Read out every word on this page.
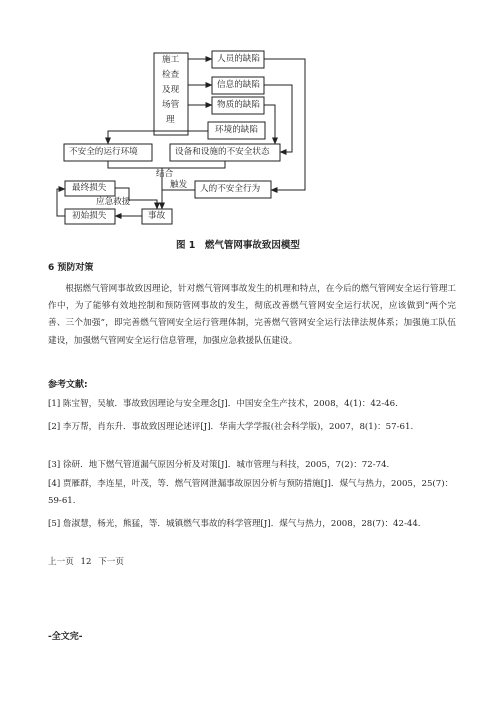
施工
检查
及现
场管
理
人员的缺陷
信息的缺陷
物质的缺陷
环境的缺陷
不安全的运行环境	设备和设施的不安全状态
人的不安全行为
最终损失
初始损失	事故
结合
触发
应急救援
图 1　燃气管网事故致因模型
6 预防对策
根据燃气管网事故致因理论，针对燃气管网事故发生的机理和特点，在今后的燃气管网安全运行管理工作中，为了能够有效地控制和预防管网事故的发生，彻底改善燃气管网安全运行状况，应该做到“两个完善、三个加强”，即完善燃气管网安全运行管理体制，完善燃气管网安全运行法律法规体系；加强施工队伍建设，加强燃气管网安全运行信息管理，加强应急救援队伍建设。
参考文献:
[1] 陈宝智，吴敏．事故致因理论与安全理念[J]．中国安全生产技术，2008，4(1)：42-46.
[2] 李万帮，肖东升．事故致因理论述评[J]．华南大学学报(社会科学版)，2007，8(1)：57-61.
[3] 徐研．地下燃气管道漏气原因分析及对策[J]．城市管理与科技，2005，7(2)：72-74.
[4] 贾雁群，李连星，叶茂，等．燃气管网泄漏事故原因分析与预防措施[J]．煤气与热力，2005，25(7)：59-61.
[5] 詹淑慧，杨光，熊猛，等．城镇燃气事故的科学管理[J]．煤气与热力，2008，28(7)：42-44.
上一页 12 下一页
-全文完-
